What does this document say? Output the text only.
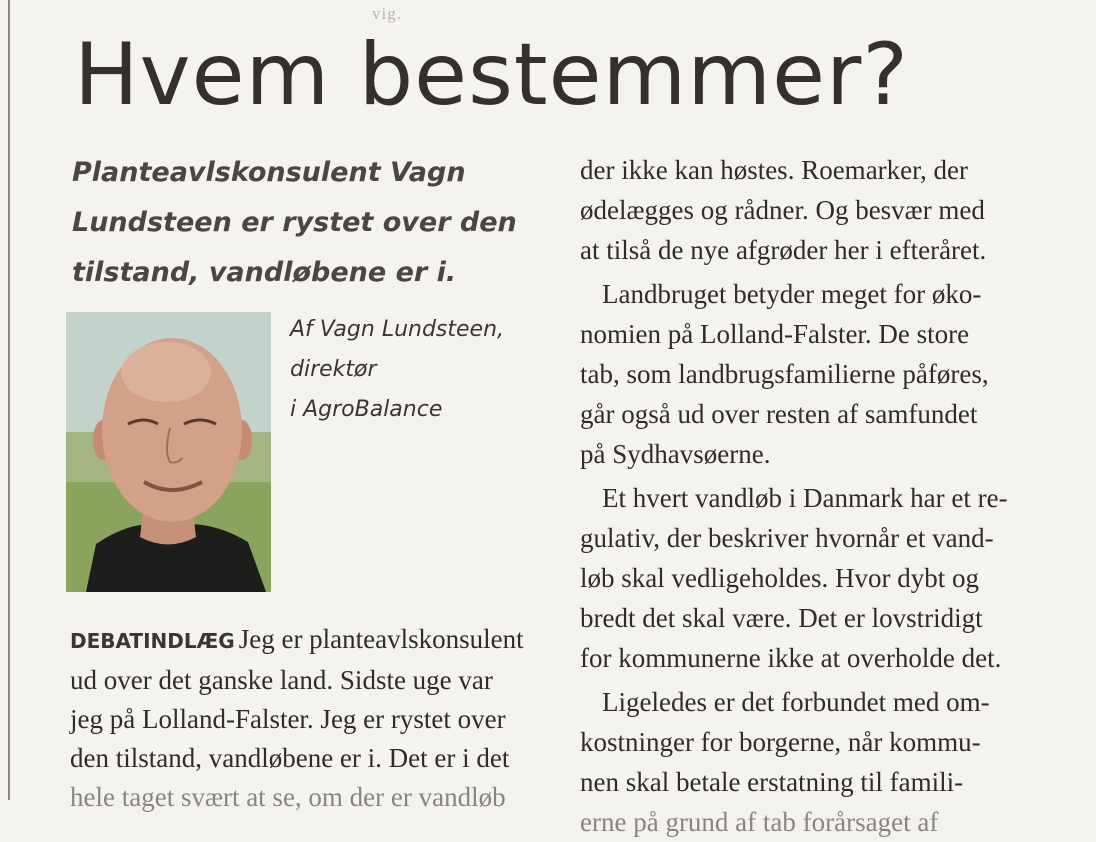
vig.
Hvem bestemmer?

Planteavlskonsulent Vagn
Lundsteen er rystet over den
tilstand, vandløbene er i.

Af Vagn Lundsteen,
direktør
i AgroBalance

DEBATINDLÆG Jeg er planteavlskonsulent
ud over det ganske land. Sidste uge var
jeg på Lolland-Falster. Jeg er rystet over
den tilstand, vandløbene er i. Det er i det
hele taget svært at se, om der er vandløb
der ikke kan høstes. Roemarker, der
ødelægges og rådner. Og besvær med
at tilså de nye afgrøder her i efteråret.
Landbruget betyder meget for øko-
nomien på Lolland-Falster. De store
tab, som landbrugsfamilierne påføres,
går også ud over resten af samfundet
på Sydhavsøerne.
Et hvert vandløb i Danmark har et re-
gulativ, der beskriver hvornår et vand-
løb skal vedligeholdes. Hvor dybt og
bredt det skal være. Det er lovstridigt
for kommunerne ikke at overholde det.
Ligeledes er det forbundet med om-
kostninger for borgerne, når kommu-
nen skal betale erstatning til famili-
erne på grund af tab forårsaget af
